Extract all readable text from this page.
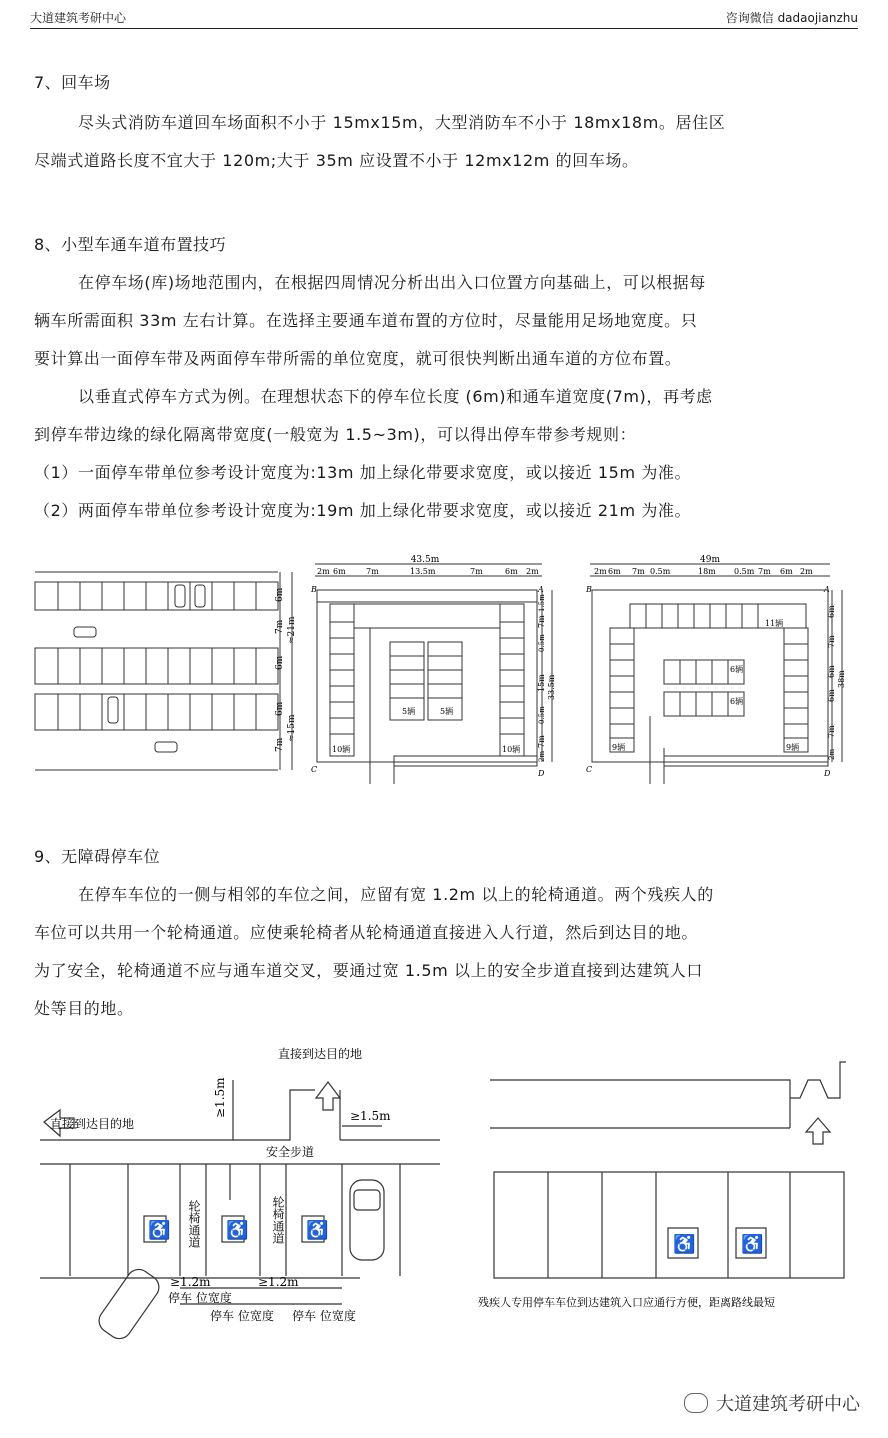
大道建筑考研中心	咨询微信 dadaojianzhu
7、回车场
尽头式消防车道回车场面积不小于 15mx15m，大型消防车不小于 18mx18m。居住区
尽端式道路长度不宜大于 120m;大于 35m 应设置不小于 12mx12m 的回车场。
8、小型车通车道布置技巧
在停车场(库)场地范围内，在根据四周情况分析出出入口位置方向基础上，可以根据每
辆车所需面积 33m 左右计算。在选择主要通车道布置的方位时，尽量能用足场地宽度。只
要计算出一面停车带及两面停车带所需的单位宽度，就可很快判断出通车道的方位布置。
以垂直式停车方式为例。在理想状态下的停车位长度 (6m)和通车道宽度(7m)，再考虑
到停车带边缘的绿化隔离带宽度(一般宽为 1.5~3m)，可以得出停车带参考规则：
（1）一面停车带单位参考设计宽度为:13m 加上绿化带要求宽度，或以接近 15m 为准。
（2）两面停车带单位参考设计宽度为:19m 加上绿化带要求宽度，或以接近 21m 为准。
6m
7m
6m
6m
7m
≈21m
≈15m
43.5m
2m 6m	7m	13.5m	7m	6m 2m
B	A
C	D
5辆	5辆
10辆	10辆
7m
1.5m
0.5m
15m 33.5m
0.5m
7m
2m
49m
2m 6m 7m 0.5m	18m 0.5m 7m 6m 2m
B	A
C	D
11辆
6辆
6辆
9辆	9辆
6m
7m
6m
6m
7m
2m
38m
9、无障碍停车位
在停车车位的一侧与相邻的车位之间，应留有宽 1.2m 以上的轮椅通道。两个残疾人的
车位可以共用一个轮椅通道。应使乘轮椅者从轮椅通道直接进入人行道，然后到达目的地。
为了安全，轮椅通道不应与通车道交叉，要通过宽 1.5m 以上的安全步道直接到达建筑人口
处等目的地。
直接到达目的地
直接到达目的地
安全步道
≥1.5m
≥1.5m
轮椅通道	轮椅通道
≥1.2m	≥1.2m
停车 位宽度
停车 位宽度 停车 位宽度
残疾人专用停车车位到达建筑入口应通行方便，距离路线最短
♿	♿	♿
♿	♿
大道建筑考研中心
